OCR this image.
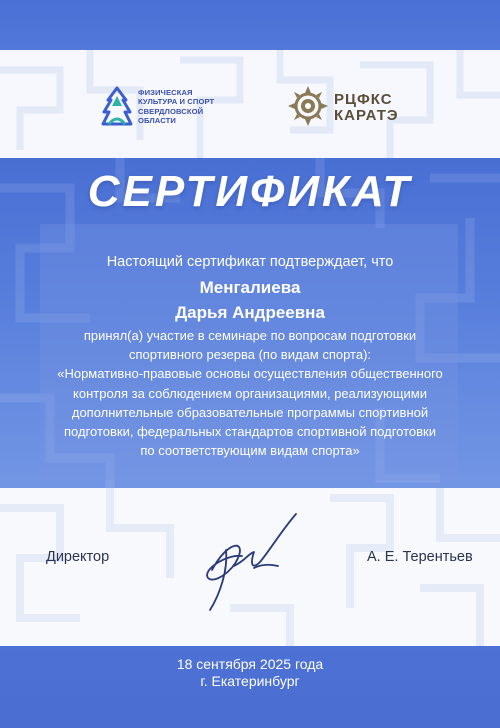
ФИЗИЧЕСКАЯ
КУЛЬТУРА И СПОРТ
СВЕРДЛОВСКОЙ
ОБЛАСТИ
РЦФКС
КАРАТЭ
СЕРТИФИКАТ
Настоящий сертификат подтверждает, что
Менгалиева
Дарья Андреевна
принял(а) участие в семинаре по вопросам подготовки
спортивного резерва (по видам спорта):
«Нормативно-правовые основы осуществления общественного
контроля за соблюдением организациями, реализующими
дополнительные образовательные программы спортивной
подготовки, федеральных стандартов спортивной подготовки
по соответствующим видам спорта»
Директор	А. Е. Терентьев
18 сентября 2025 года
г. Екатеринбург
